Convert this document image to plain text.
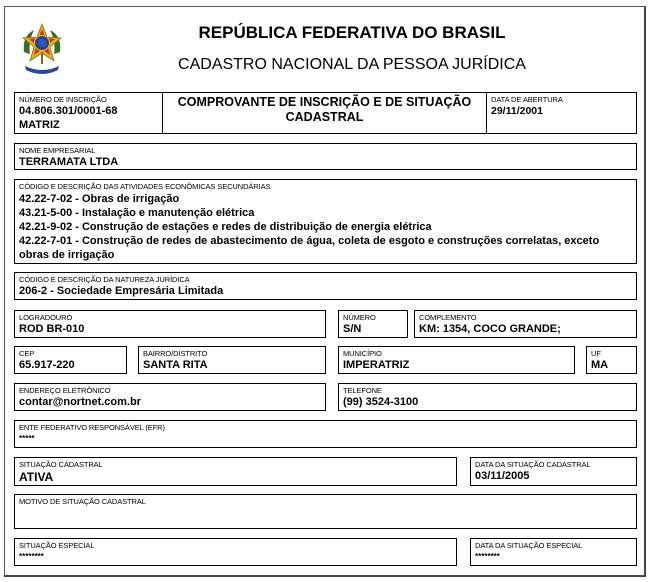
REPÚBLICA FEDERATIVA DO BRASIL
CADASTRO NACIONAL DA PESSOA JURÍDICA
NÚMERO DE INSCRIÇÃO
04.806.301/0001-68
MATRIZ
COMPROVANTE DE INSCRIÇÃO E DE SITUAÇÃO
CADASTRAL
DATA DE ABERTURA
29/11/2001
NOME EMPRESARIAL
TERRAMATA LTDA
CÓDIGO E DESCRIÇÃO DAS ATIVIDADES ECONÔMICAS SECUNDÁRIAS
42.22-7-02 - Obras de irrigação
43.21-5-00 - Instalação e manutenção elétrica
42.21-9-02 - Construção de estações e redes de distribuição de energia elétrica
42.22-7-01 - Construção de redes de abastecimento de água, coleta de esgoto e construções correlatas, exceto
obras de irrigação
CÓDIGO E DESCRIÇÃO DA NATUREZA JURÍDICA
206-2 - Sociedade Empresária Limitada
LOGRADOURO
ROD BR-010
NÚMERO
S/N
COMPLEMENTO
KM: 1354, COCO GRANDE;
CEP
65.917-220
BAIRRO/DISTRITO
SANTA RITA
MUNICÍPIO
IMPERATRIZ
UF
MA
ENDEREÇO ELETRÔNICO
contar@nortnet.com.br
TELEFONE
(99) 3524-3100
ENTE FEDERATIVO RESPONSÁVEL (EFR)
*****
SITUAÇÃO CADASTRAL
ATIVA
DATA DA SITUAÇÃO CADASTRAL
03/11/2005
MOTIVO DE SITUAÇÃO CADASTRAL
SITUAÇÃO ESPECIAL
********
DATA DA SITUAÇÃO ESPECIAL
********
